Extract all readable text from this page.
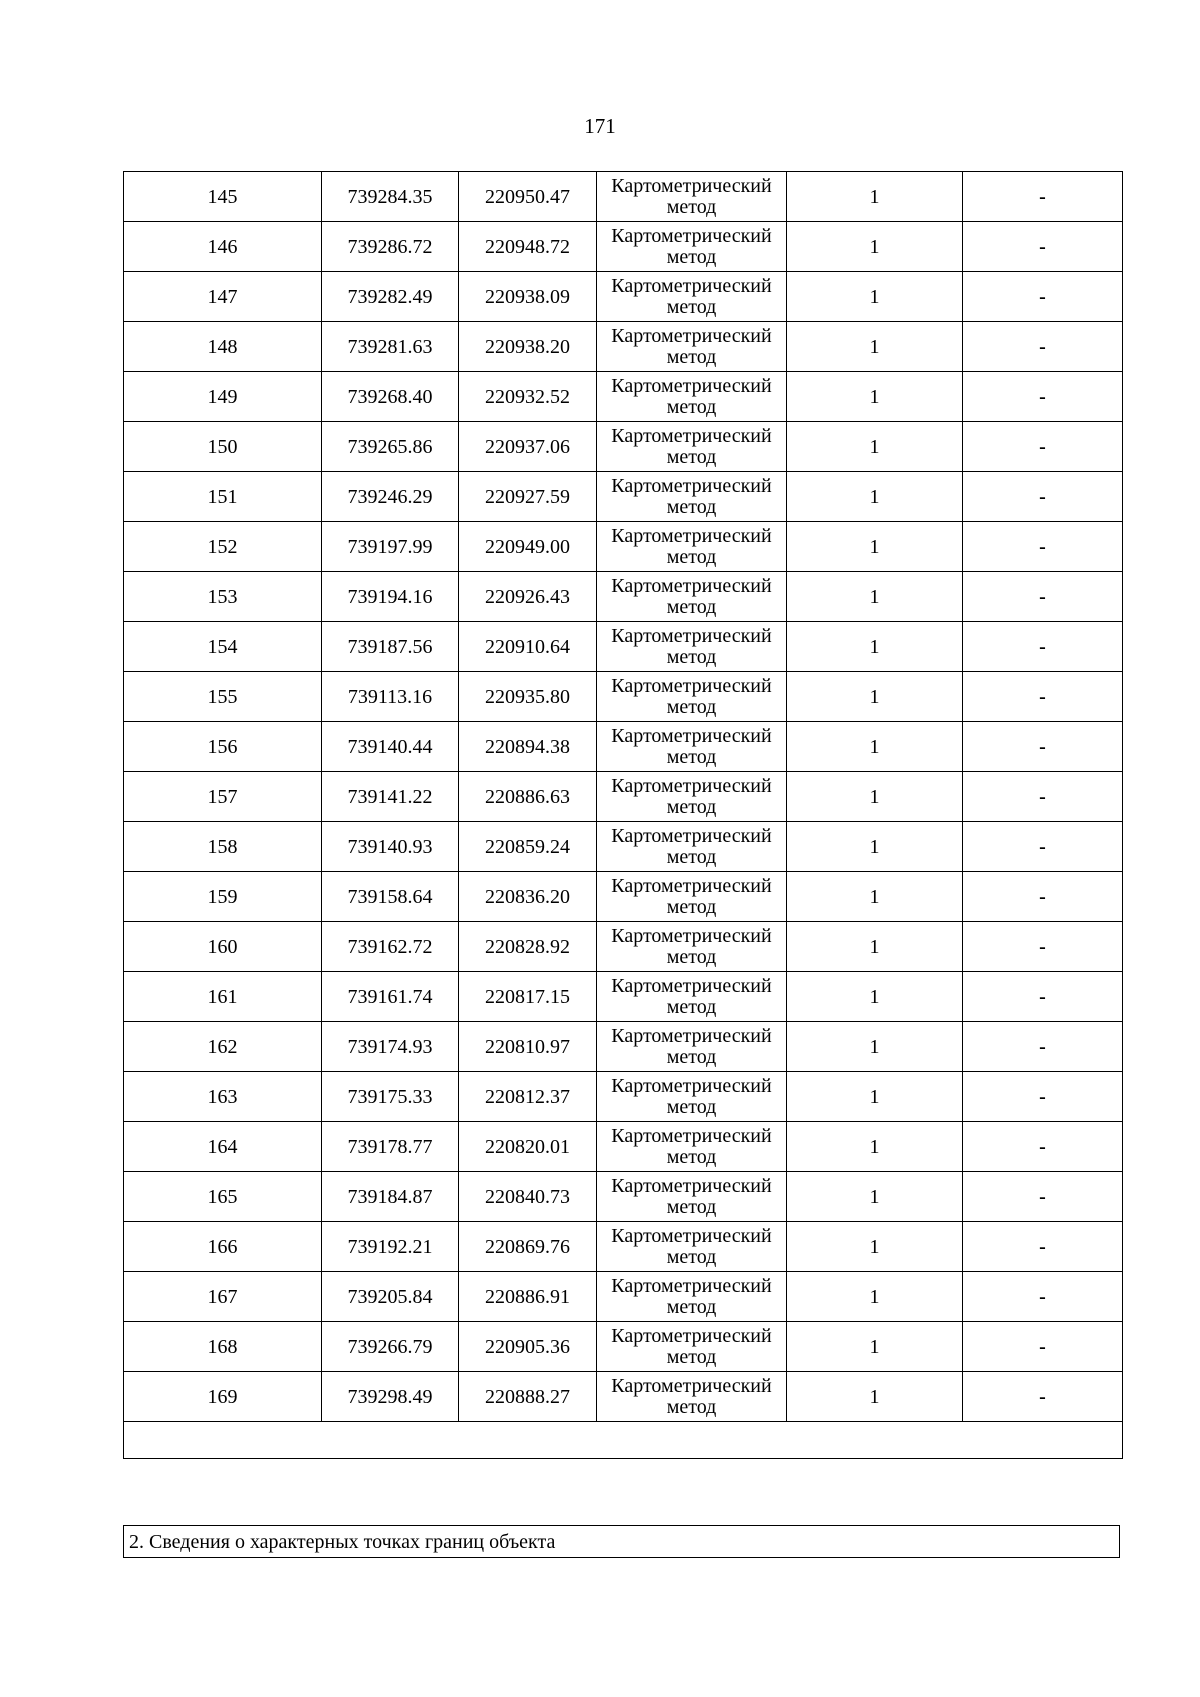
171
145	739284.35	220950.47	Картометрический метод	1	-
146	739286.72	220948.72	Картометрический метод	1	-
147	739282.49	220938.09	Картометрический метод	1	-
148	739281.63	220938.20	Картометрический метод	1	-
149	739268.40	220932.52	Картометрический метод	1	-
150	739265.86	220937.06	Картометрический метод	1	-
151	739246.29	220927.59	Картометрический метод	1	-
152	739197.99	220949.00	Картометрический метод	1	-
153	739194.16	220926.43	Картометрический метод	1	-
154	739187.56	220910.64	Картометрический метод	1	-
155	739113.16	220935.80	Картометрический метод	1	-
156	739140.44	220894.38	Картометрический метод	1	-
157	739141.22	220886.63	Картометрический метод	1	-
158	739140.93	220859.24	Картометрический метод	1	-
159	739158.64	220836.20	Картометрический метод	1	-
160	739162.72	220828.92	Картометрический метод	1	-
161	739161.74	220817.15	Картометрический метод	1	-
162	739174.93	220810.97	Картометрический метод	1	-
163	739175.33	220812.37	Картометрический метод	1	-
164	739178.77	220820.01	Картометрический метод	1	-
165	739184.87	220840.73	Картометрический метод	1	-
166	739192.21	220869.76	Картометрический метод	1	-
167	739205.84	220886.91	Картометрический метод	1	-
168	739266.79	220905.36	Картометрический метод	1	-
169	739298.49	220888.27	Картометрический метод	1	-

2. Сведения о характерных точках границ объекта
